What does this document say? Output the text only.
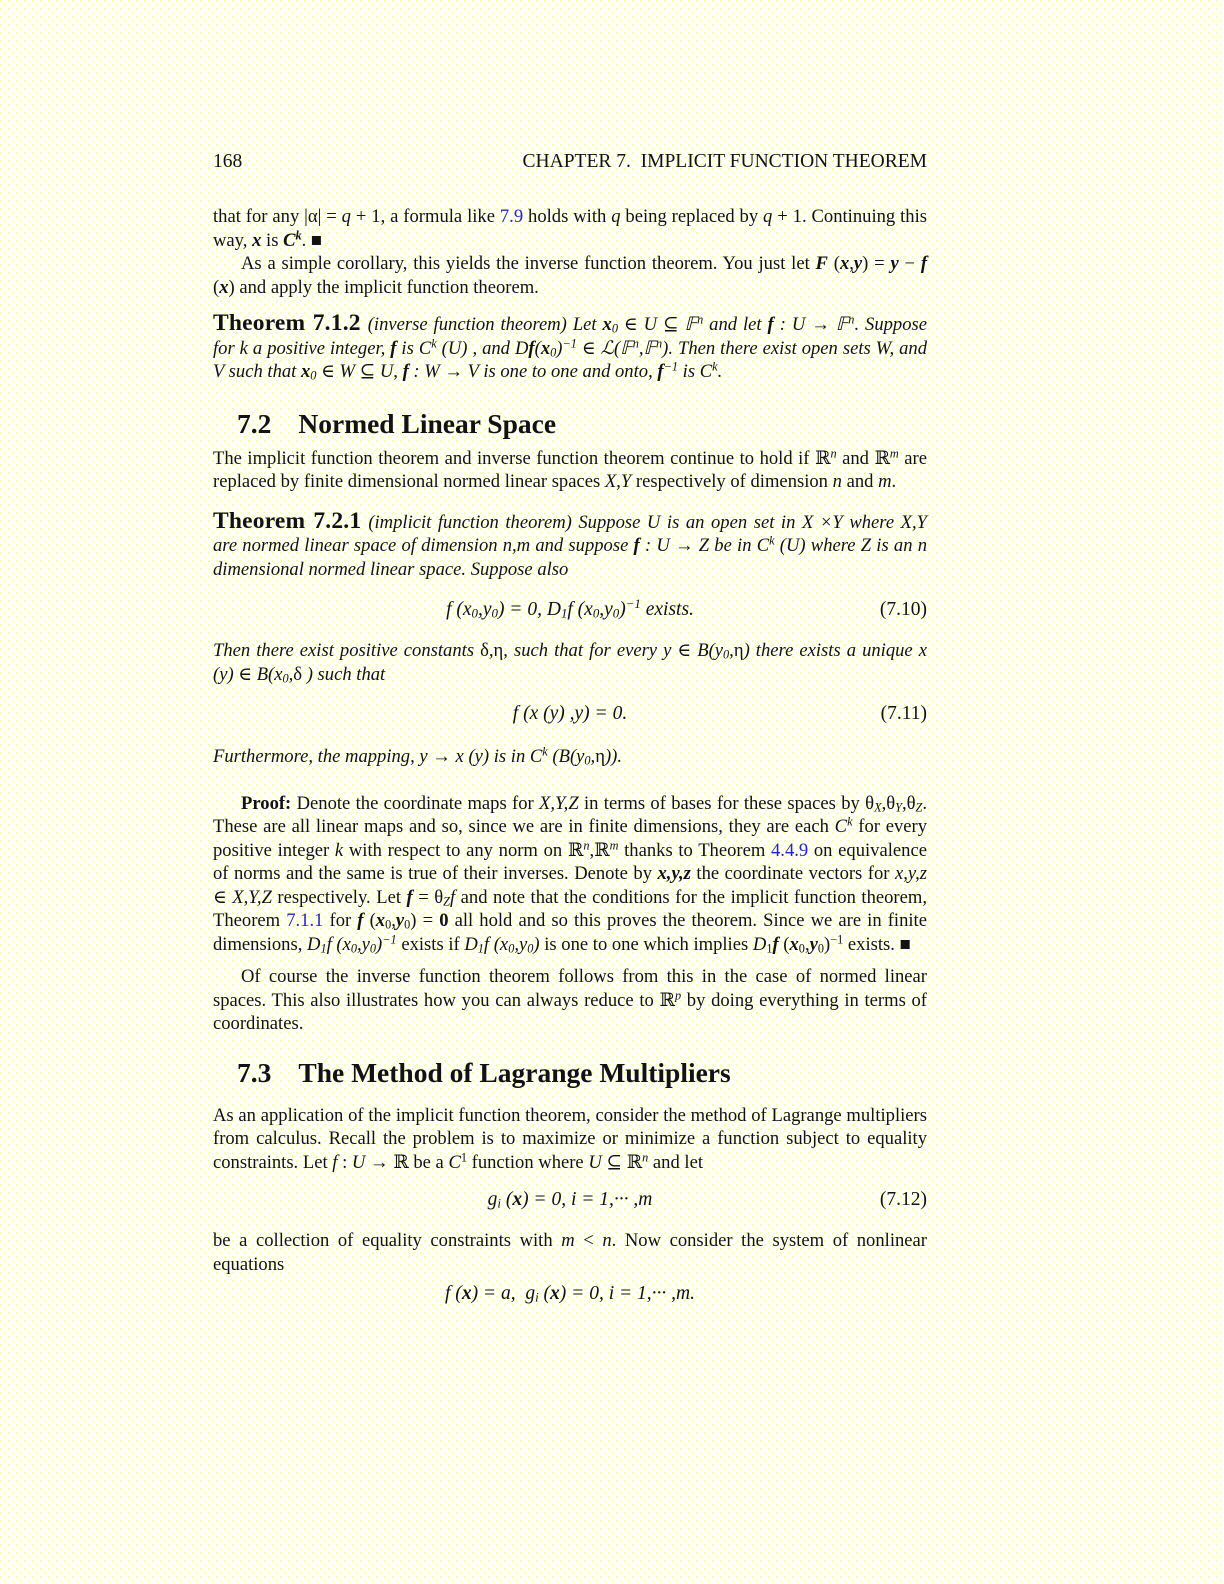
168	CHAPTER 7. IMPLICIT FUNCTION THEOREM
that for any |α| = q + 1, a formula like 7.9 holds with q being replaced by q + 1. Continuing this way, x is $C^k$. ■
As a simple corollary, this yields the inverse function theorem. You just let F (x,y) = y − f (x) and apply the implicit function theorem.
Theorem 7.1.2 (inverse function theorem) Let x0 ∈ U ⊆ 𝔽$^n$ and let f : U → 𝔽$^n$. Suppose for k a positive integer, f is $C^k$ (U) , and $Df(x0)^{-1}$ ∈ ℒ(𝔽$^n$,𝔽$^n$). Then there exist open sets W, and V such that x0 ∈ W ⊆ U, f : W → V is one to one and onto, $f^{-1}$ is $C^k$.
7.2 Normed Linear Space
The implicit function theorem and inverse function theorem continue to hold if ℝ$^n$ and ℝ$^m$ are replaced by finite dimensional normed linear spaces X,Y respectively of dimension n and m.
Theorem 7.2.1 (implicit function theorem) Suppose U is an open set in X ×Y where X,Y are normed linear space of dimension n,m and suppose f : U → Z be in $C^k$ (U) where Z is an n dimensional normed linear space. Suppose also
f (x0,y0) = 0, D1f $(x0,y0)^{-1}$ exists.	(7.10)
Then there exist positive constants δ,η, such that for every y ∈ B(y0,η) there exists a unique x (y) ∈ B(x0,δ ) such that
f (x (y) ,y) = 0.	(7.11)
Furthermore, the mapping, y → x (y) is in $C^k$ (B(y0,η)).
Proof: Denote the coordinate maps for X,Y,Z in terms of bases for these spaces by θX,θY,θZ. These are all linear maps and so, since we are in finite dimensions, they are each $C^k$ for every positive integer k with respect to any norm on ℝ$^n$,ℝ$^m$ thanks to Theorem 4.4.9 on equivalence of norms and the same is true of their inverses. Denote by x,y,z the coordinate vectors for x,y,z ∈ X,Y,Z respectively. Let f = θZf and note that the conditions for the implicit function theorem, Theorem 7.1.1 for f (x0,y0) = 0 all hold and so this proves the theorem. Since we are in finite dimensions, D1f $(x0,y0)^{-1}$ exists if D1f (x0,y0) is one to one which implies D1f $(x0,y0)^{-1}$ exists. ■
Of course the inverse function theorem follows from this in the case of normed linear spaces. This also illustrates how you can always reduce to ℝ$^p$ by doing everything in terms of coordinates.
7.3 The Method of Lagrange Multipliers
As an application of the implicit function theorem, consider the method of Lagrange multipliers from calculus. Recall the problem is to maximize or minimize a function subject to equality constraints. Let f : U → ℝ be a $C^1$ function where U ⊆ ℝ$^n$ and let
gi (x) = 0, i = 1,··· ,m	(7.12)
be a collection of equality constraints with m < n. Now consider the system of nonlinear equations
f (x) = a, gi (x) = 0, i = 1,··· ,m.
